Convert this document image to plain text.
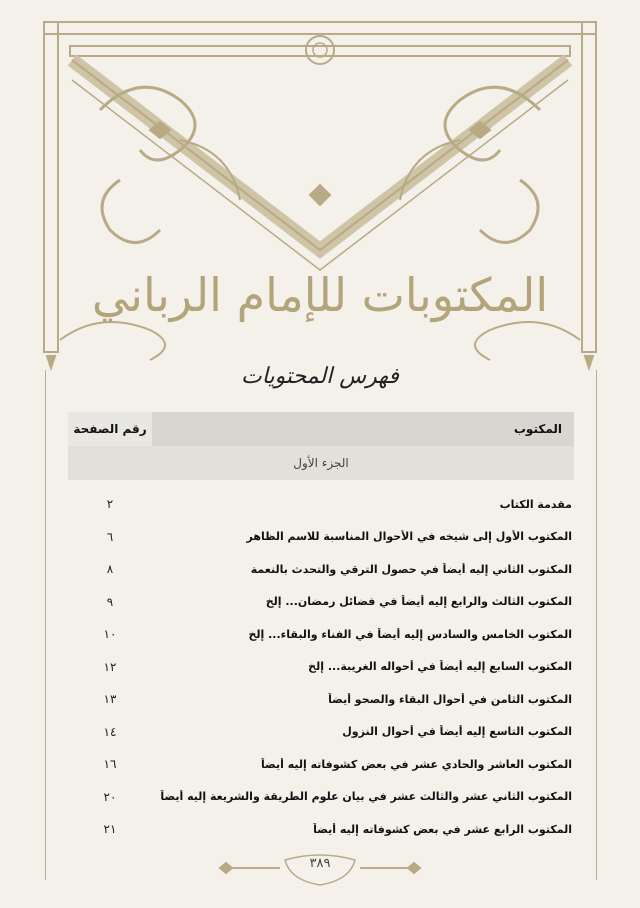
المكتوبات للإمام الرباني
فهرس المحتويات
المكتوب
رقم الصفحة
الجزء الأول
مقدمة الكتاب
٢
المكتوب الأول إلى شيخه في الأحوال المناسبة للاسم الظاهر
٦
المكتوب الثاني إليه أيضاً في حصول الترقي والتحدث بالنعمة
٨
المكتوب الثالث والرابع إليه أيضاً في فضائل رمضان... إلخ
٩
المكتوب الخامس والسادس إليه أيضاً في الفناء والبقاء... إلخ
١٠
المكتوب السابع إليه أيضاً في أحواله الغريبة... إلخ
١٢
المكتوب الثامن في أحوال البقاء والصحو أيضاً
١٣
المكتوب التاسع إليه أيضاً في أحوال النزول
١٤
المكتوب العاشر والحادي عشر في بعض كشوفاته إليه أيضاً
١٦
المكتوب الثاني عشر والثالث عشر في بيان علوم الطريقة والشريعة إليه أيضاً
٢٠
المكتوب الرابع عشر في بعض كشوفاته إليه أيضاً
٢١
٣٨٩
